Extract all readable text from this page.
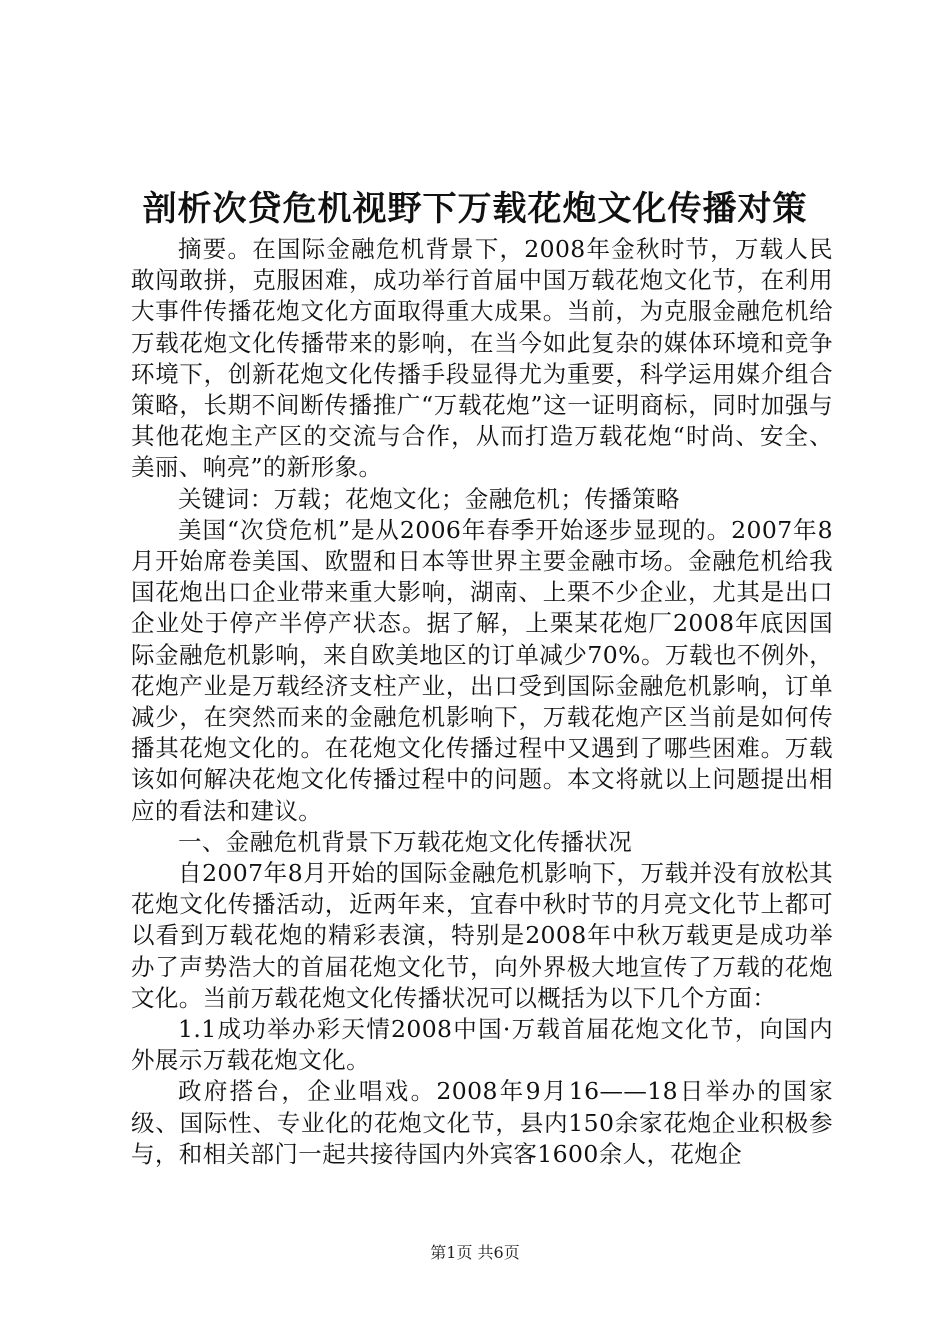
剖析次贷危机视野下万载花炮文化传播对策

摘要。在国际金融危机背景下，2008年金秋时节，万载人民敢闯敢拼，克服困难，成功举行首届中国万载花炮文化节，在利用大事件传播花炮文化方面取得重大成果。当前，为克服金融危机给万载花炮文化传播带来的影响，在当今如此复杂的媒体环境和竞争环境下，创新花炮文化传播手段显得尤为重要，科学运用媒介组合策略，长期不间断传播推广“万载花炮”这一证明商标，同时加强与其他花炮主产区的交流与合作，从而打造万载花炮“时尚、安全、美丽、响亮”的新形象。

关键词：万载；花炮文化；金融危机；传播策略

美国“次贷危机”是从2006年春季开始逐步显现的。2007年8月开始席卷美国、欧盟和日本等世界主要金融市场。金融危机给我国花炮出口企业带来重大影响，湖南、上栗不少企业，尤其是出口企业处于停产半停产状态。据了解，上栗某花炮厂2008年底因国际金融危机影响，来自欧美地区的订单减少70%。万载也不例外，花炮产业是万载经济支柱产业，出口受到国际金融危机影响，订单减少，在突然而来的金融危机影响下，万载花炮产区当前是如何传播其花炮文化的。在花炮文化传播过程中又遇到了哪些困难。万载该如何解决花炮文化传播过程中的问题。本文将就以上问题提出相应的看法和建议。

一、金融危机背景下万载花炮文化传播状况

自2007年8月开始的国际金融危机影响下，万载并没有放松其花炮文化传播活动，近两年来，宜春中秋时节的月亮文化节上都可以看到万载花炮的精彩表演，特别是2008年中秋万载更是成功举办了声势浩大的首届花炮文化节，向外界极大地宣传了万载的花炮文化。当前万载花炮文化传播状况可以概括为以下几个方面：

1.1成功举办彩天情2008中国·万载首届花炮文化节，向国内外展示万载花炮文化。

政府搭台，企业唱戏。2008年9月16——18日举办的国家级、国际性、专业化的花炮文化节，县内150余家花炮企业积极参与，和相关部门一起共接待国内外宾客1600余人，花炮企

第1页 共6页
